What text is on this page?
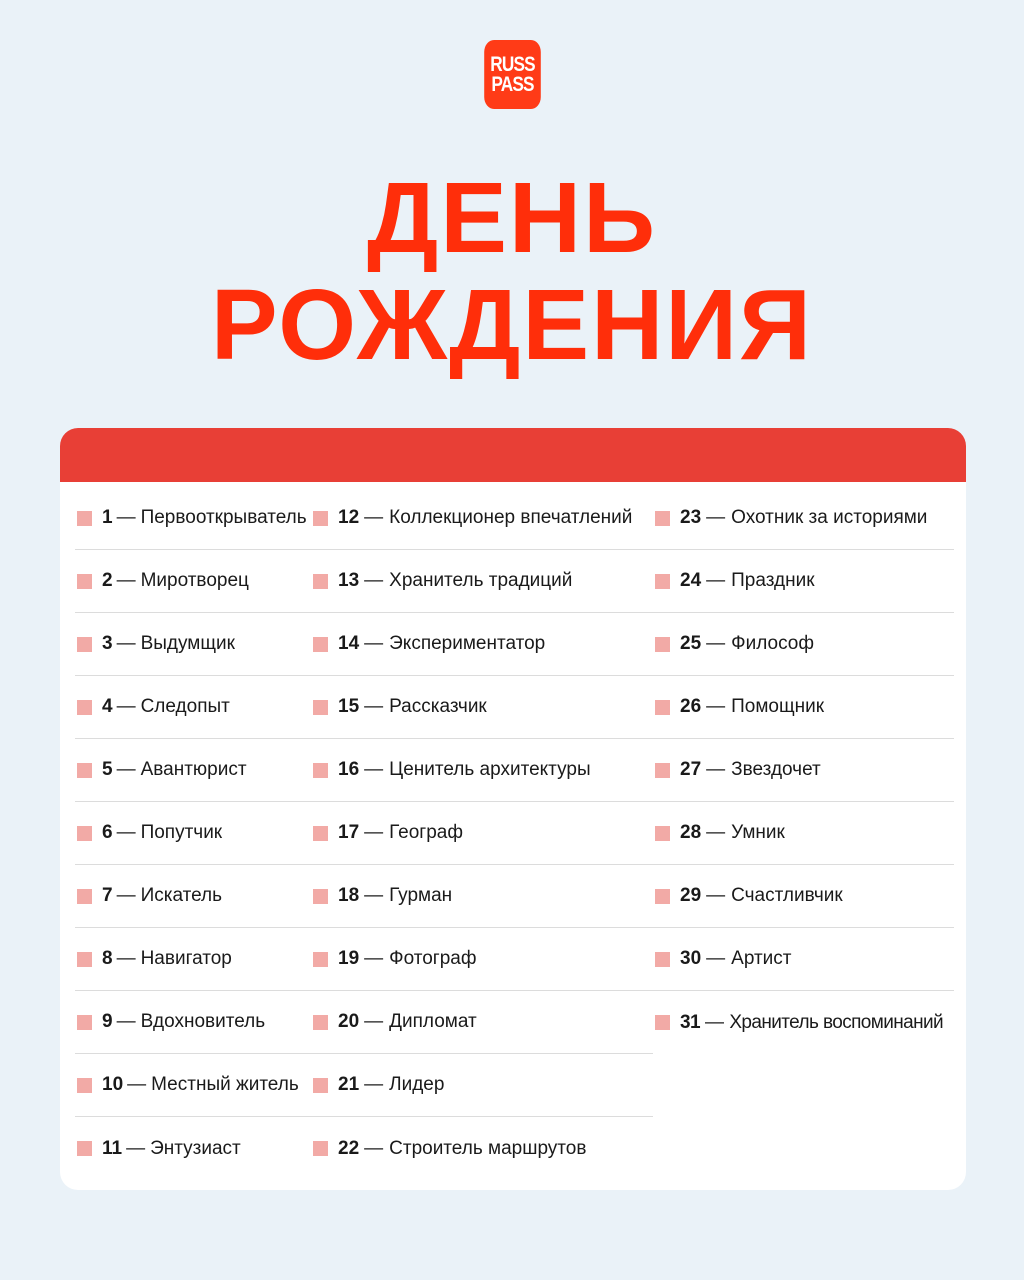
RUSS
PASS
ДЕНЬ
РОЖДЕНИЯ
1 — Первооткрыватель
2 — Миротворец
3 — Выдумщик
4 — Следопыт
5 — Авантюрист
6 — Попутчик
7 — Искатель
8 — Навигатор
9 — Вдохновитель
10 — Местный житель
11 — Энтузиаст
12 — Коллекционер впечатлений
13 — Хранитель традиций
14 — Экспериментатор
15 — Рассказчик
16 — Ценитель архитектуры
17 — Географ
18 — Гурман
19 — Фотограф
20 — Дипломат
21 — Лидер
22 — Строитель маршрутов
23 — Охотник за историями
24 — Праздник
25 — Философ
26 — Помощник
27 — Звездочет
28 — Умник
29 — Счастливчик
30 — Артист
31 — Хранитель воспоминаний
